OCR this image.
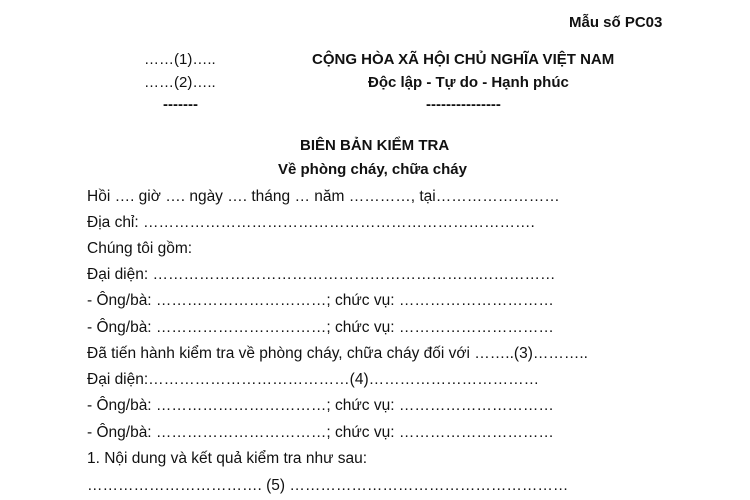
Mẫu số PC03
……(1)…..
……(2)…..
-------
CỘNG HÒA XÃ HỘI CHỦ NGHĨA VIỆT NAM
Độc lập - Tự do - Hạnh phúc
---------------
BIÊN BẢN KIỂM TRA
Về phòng cháy, chữa cháy
Hồi …. giờ …. ngày …. tháng … năm …………, tại……………………
Địa chỉ: ………………………………………………………………….
Chúng tôi gồm:
Đại diện: ……………………………………………………………………
- Ông/bà: ……………………………; chức vụ: …………………………
- Ông/bà: ……………………………; chức vụ: …………………………
Đã tiến hành kiểm tra về phòng cháy, chữa cháy đối với ……..(3)………..
Đại diện:…………………………………(4)……………………………
- Ông/bà: ……………………………; chức vụ: …………………………
- Ông/bà: ……………………………; chức vụ: …………………………
1. Nội dung và kết quả kiểm tra như sau:
……………………………. (5) ………………………………………………
